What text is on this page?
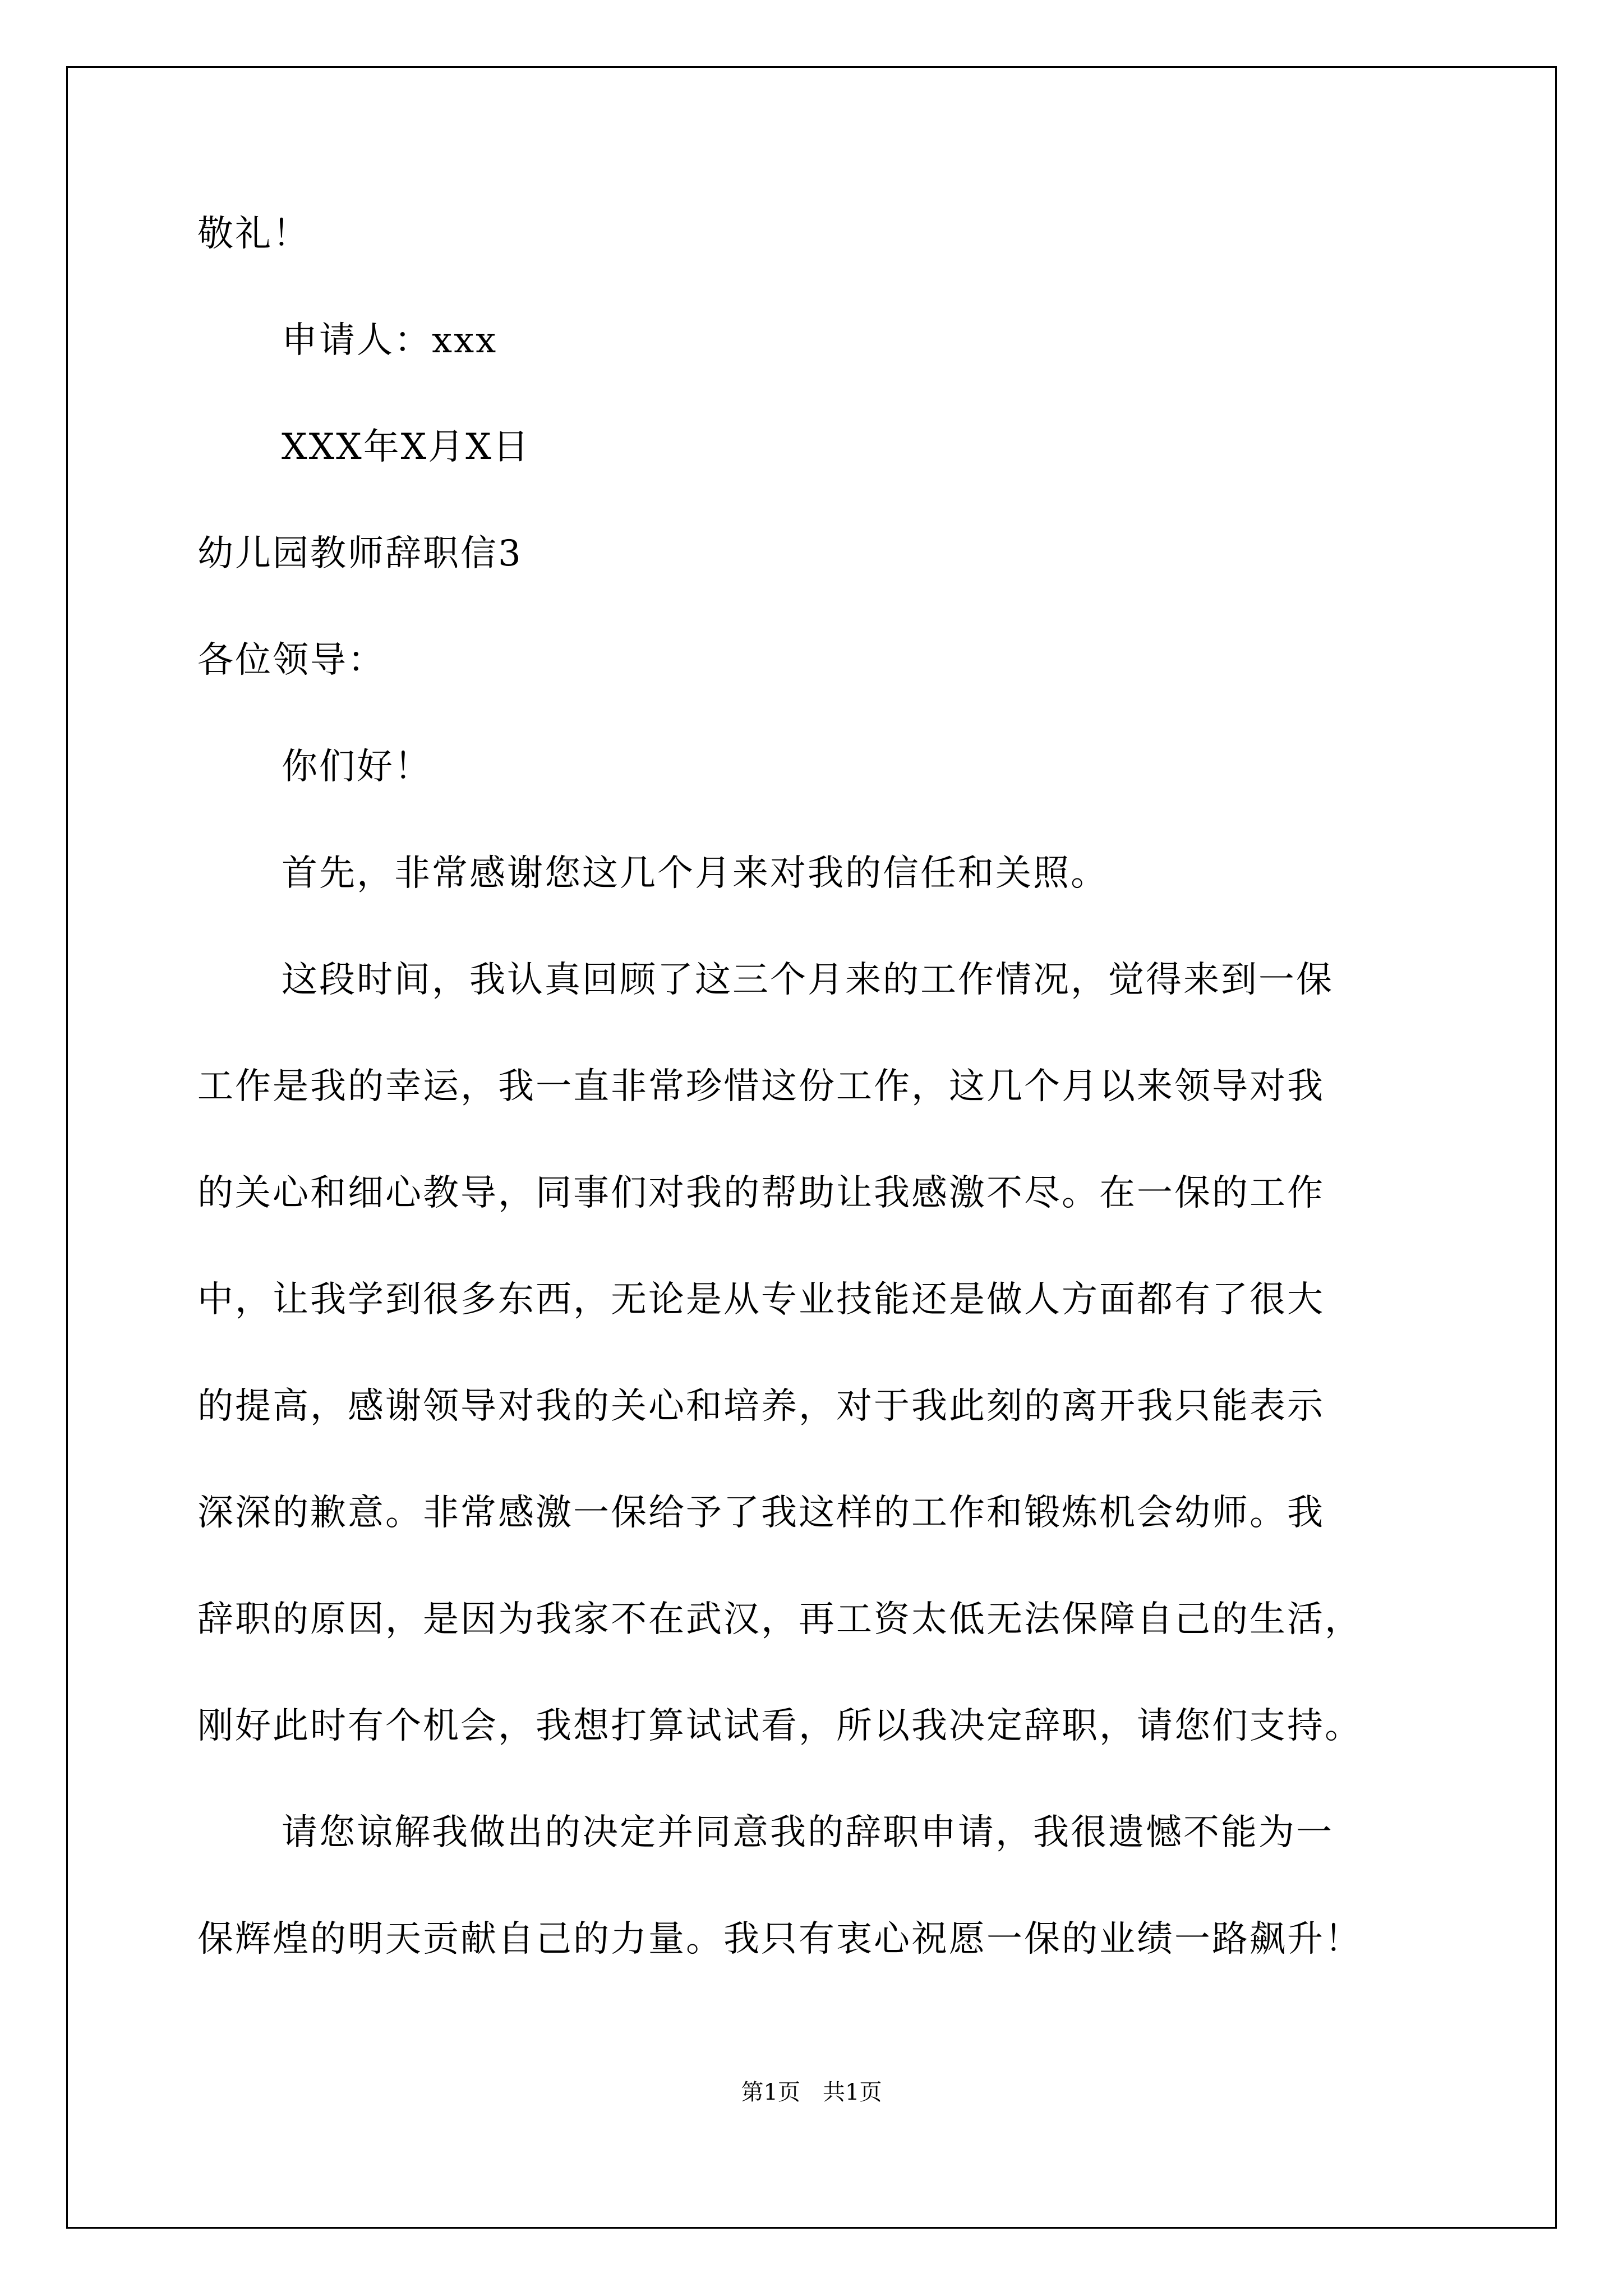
敬礼！
申请人：xxx
XXX年X月X日
幼儿园教师辞职信3
各位领导：
你们好！
首先，非常感谢您这几个月来对我的信任和关照。
这段时间，我认真回顾了这三个月来的工作情况，觉得来到一保
工作是我的幸运，我一直非常珍惜这份工作，这几个月以来领导对我
的关心和细心教导，同事们对我的帮助让我感激不尽。在一保的工作
中，让我学到很多东西，无论是从专业技能还是做人方面都有了很大
的提高，感谢领导对我的关心和培养，对于我此刻的离开我只能表示
深深的歉意。非常感激一保给予了我这样的工作和锻炼机会幼师。我
辞职的原因，是因为我家不在武汉，再工资太低无法保障自己的生活，
刚好此时有个机会，我想打算试试看，所以我决定辞职，请您们支持。
请您谅解我做出的决定并同意我的辞职申请，我很遗憾不能为一
保辉煌的明天贡献自己的力量。我只有衷心祝愿一保的业绩一路飙升！
第1页　共1页
